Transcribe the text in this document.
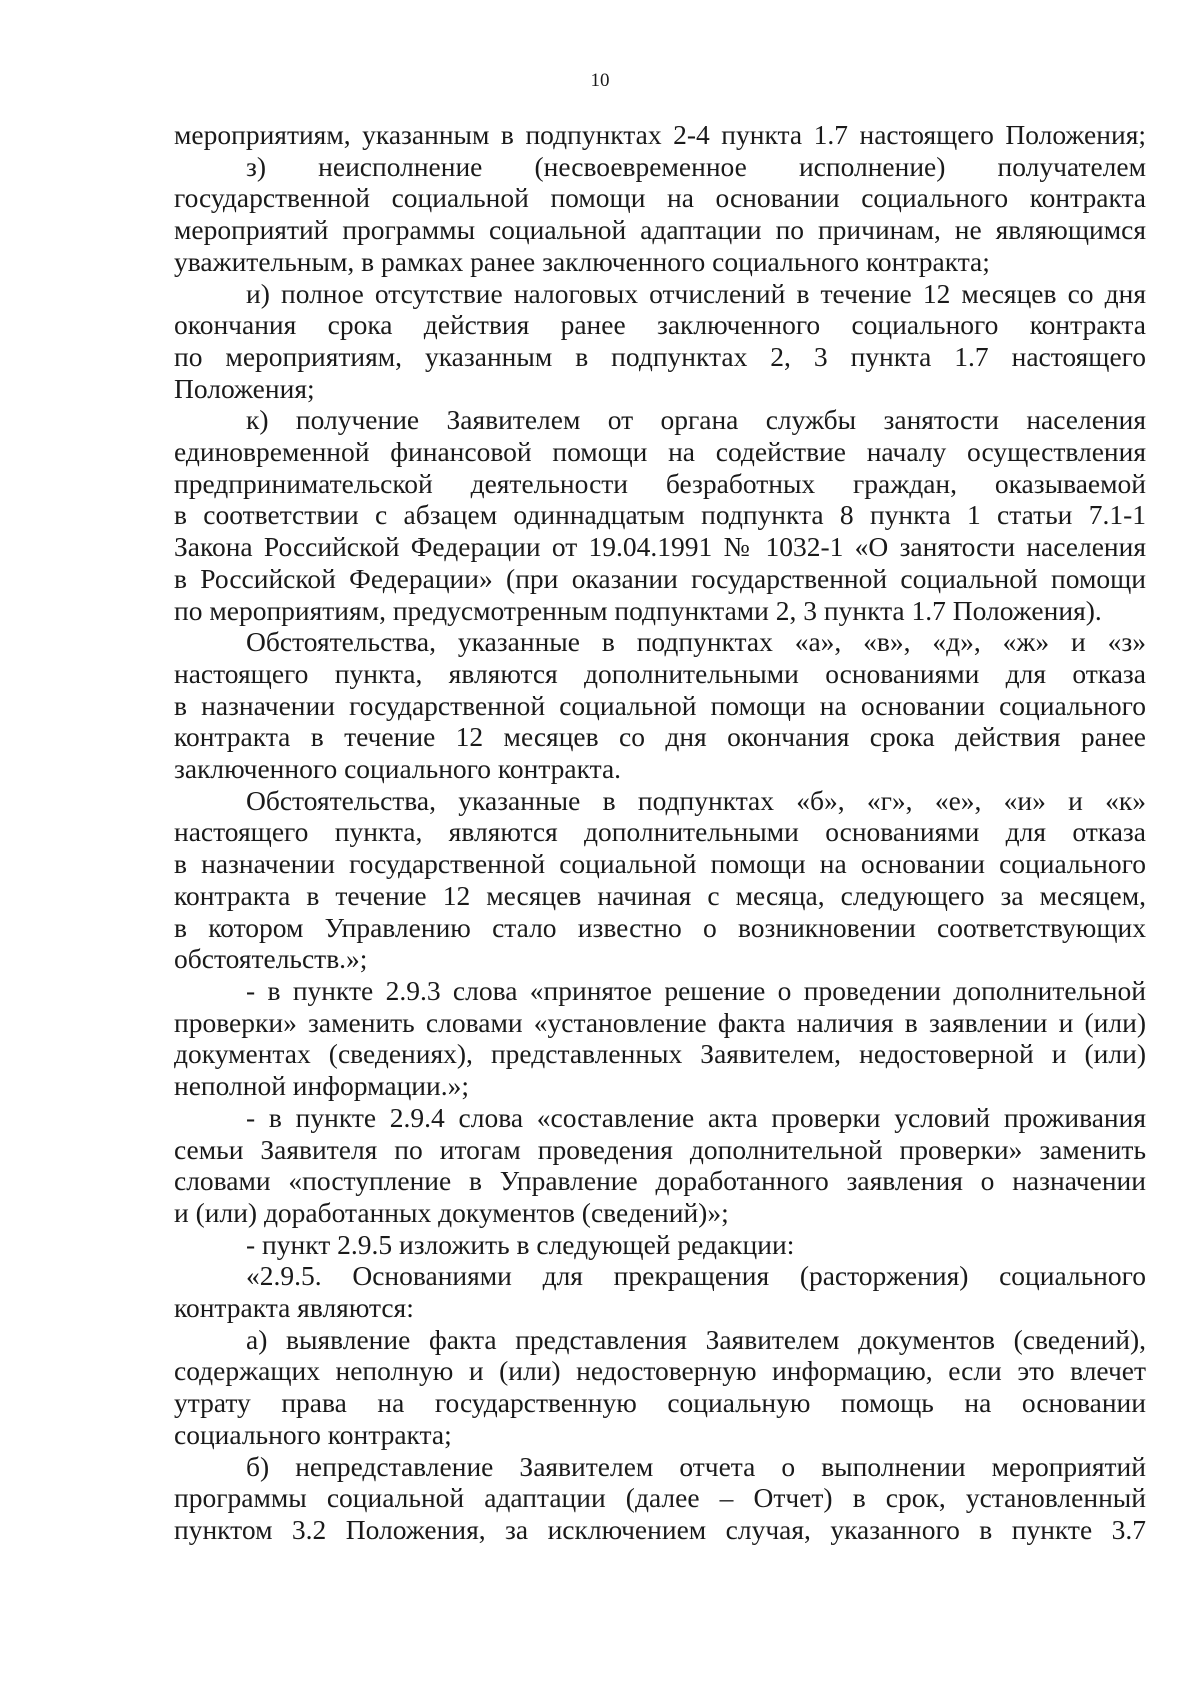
10

мероприятиям, указанным в подпунктах 2-4 пункта 1.7 настоящего Положения;

з) неисполнение (несвоевременное исполнение) получателем

государственной социальной помощи на основании социального контракта

мероприятий программы социальной адаптации по причинам, не являющимся

уважительным, в рамках ранее заключенного социального контракта;

и) полное отсутствие налоговых отчислений в течение 12 месяцев со дня

окончания срока действия ранее заключенного социального контракта

по мероприятиям, указанным в подпунктах 2, 3 пункта 1.7 настоящего

Положения;

к) получение Заявителем от органа службы занятости населения

единовременной финансовой помощи на содействие началу осуществления

предпринимательской деятельности безработных граждан, оказываемой

в соответствии с абзацем одиннадцатым подпункта 8 пункта 1 статьи 7.1-1

Закона Российской Федерации от 19.04.1991 № 1032-1 «О занятости населения

в Российской Федерации» (при оказании государственной социальной помощи

по мероприятиям, предусмотренным подпунктами 2, 3 пункта 1.7 Положения).

Обстоятельства, указанные в подпунктах «а», «в», «д», «ж» и «з»

настоящего пункта, являются дополнительными основаниями для отказа

в назначении государственной социальной помощи на основании социального

контракта в течение 12 месяцев со дня окончания срока действия ранее

заключенного социального контракта.

Обстоятельства, указанные в подпунктах «б», «г», «е», «и» и «к»

настоящего пункта, являются дополнительными основаниями для отказа

в назначении государственной социальной помощи на основании социального

контракта в течение 12 месяцев начиная с месяца, следующего за месяцем,

в котором Управлению стало известно о возникновении соответствующих

обстоятельств.»;

- в пункте 2.9.3 слова «принятое решение о проведении дополнительной

проверки» заменить словами «установление факта наличия в заявлении и (или)

документах (сведениях), представленных Заявителем, недостоверной и (или)

неполной информации.»;

- в пункте 2.9.4 слова «составление акта проверки условий проживания

семьи Заявителя по итогам проведения дополнительной проверки» заменить

словами «поступление в Управление доработанного заявления о назначении

и (или) доработанных документов (сведений)»;

- пункт 2.9.5 изложить в следующей редакции:

«2.9.5. Основаниями для прекращения (расторжения) социального

контракта являются:

а) выявление факта представления Заявителем документов (сведений),

содержащих неполную и (или) недостоверную информацию, если это влечет

утрату права на государственную социальную помощь на основании

социального контракта;

б) непредставление Заявителем отчета о выполнении мероприятий

программы социальной адаптации (далее – Отчет) в срок, установленный

пунктом 3.2 Положения, за исключением случая, указанного в пункте 3.7
